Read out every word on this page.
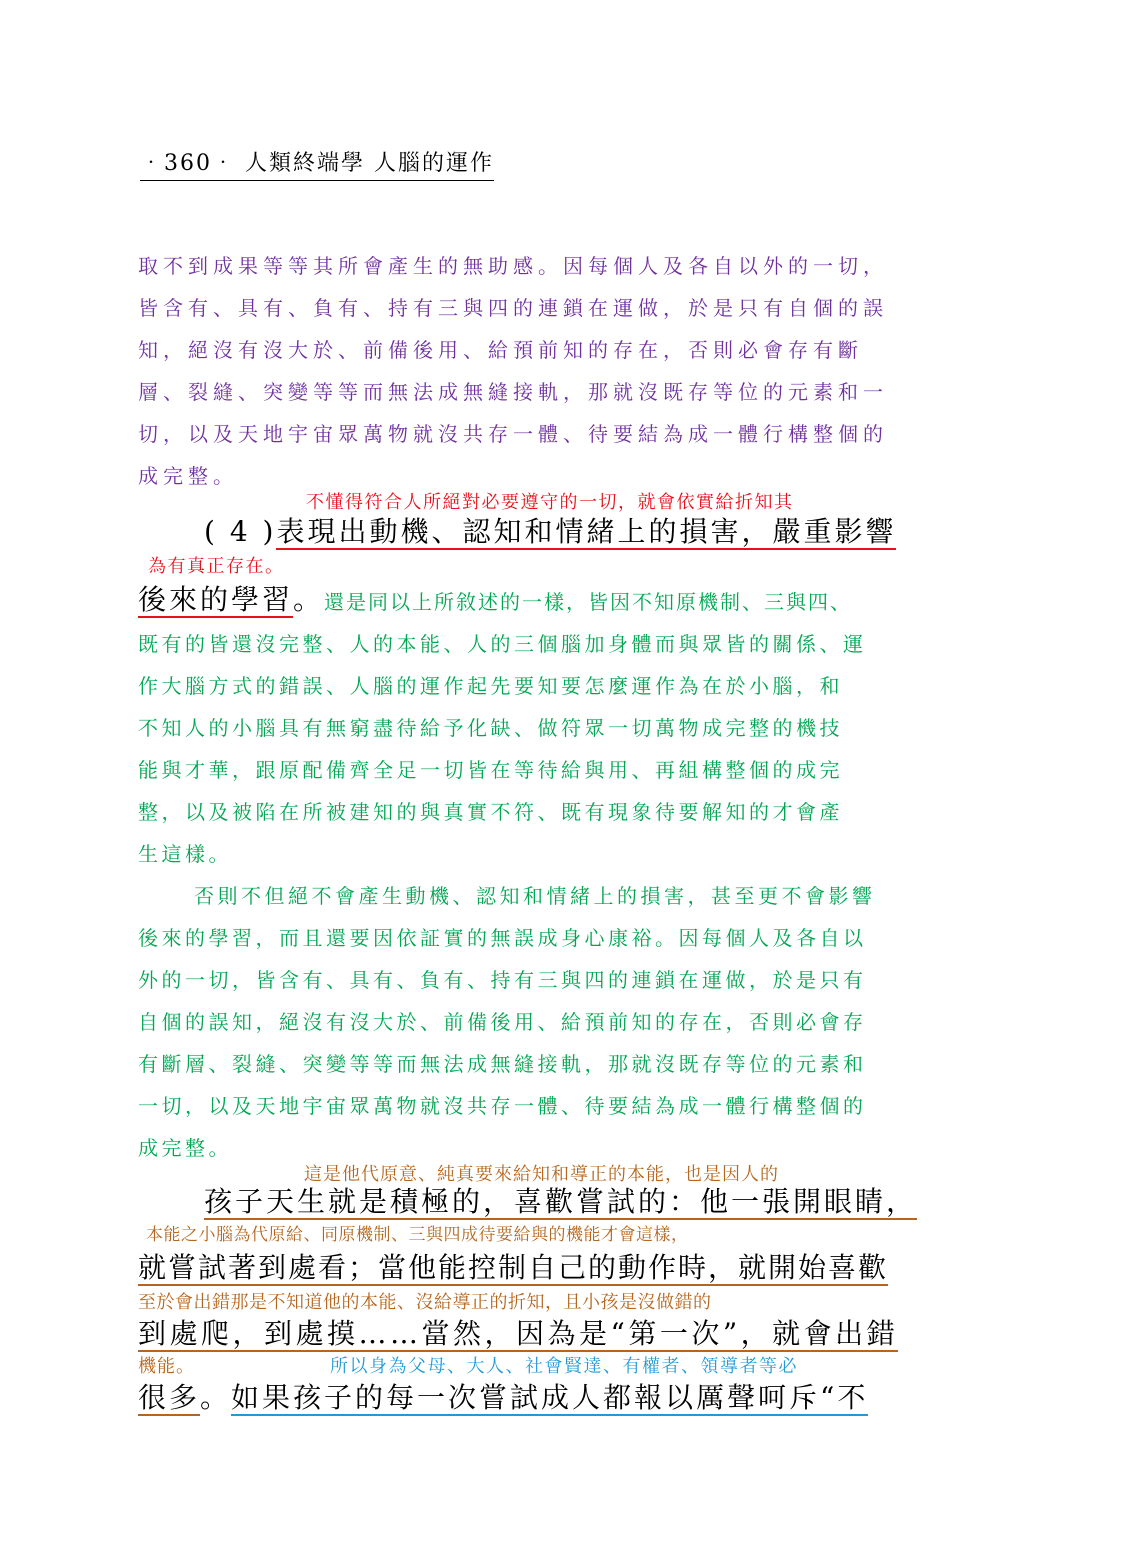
‧360‧ 人類終端學 人腦的運作
取不到成果等等其所會產生的無助感。因每個人及各自以外的一切，
皆含有、具有、負有、持有三與四的連鎖在運做，於是只有自個的誤
知，絕沒有沒大於、前備後用、給預前知的存在，否則必會存有斷
層、裂縫、突變等等而無法成無縫接軌，那就沒既存等位的元素和一
切，以及天地宇宙眾萬物就沒共存一體、待要結為成一體行構整個的
成完整。
不懂得符合人所絕對必要遵守的一切，就會依實給折知其
( 4 )表現出動機、認知和情緒上的損害，嚴重影響
為有真正存在。
後來的學習。還是同以上所敘述的一樣，皆因不知原機制、三與四、
既有的皆還沒完整、人的本能、人的三個腦加身體而與眾皆的關係、運
作大腦方式的錯誤、人腦的運作起先要知要怎麼運作為在於小腦，和
不知人的小腦具有無窮盡待給予化缺、做符眾一切萬物成完整的機技
能與才華，跟原配備齊全足一切皆在等待給與用、再組構整個的成完
整，以及被陷在所被建知的與真實不符、既有現象待要解知的才會產
生這樣。
否則不但絕不會產生動機、認知和情緒上的損害，甚至更不會影響
後來的學習，而且還要因依証實的無誤成身心康裕。因每個人及各自以
外的一切，皆含有、具有、負有、持有三與四的連鎖在運做，於是只有
自個的誤知，絕沒有沒大於、前備後用、給預前知的存在，否則必會存
有斷層、裂縫、突變等等而無法成無縫接軌，那就沒既存等位的元素和
一切，以及天地宇宙眾萬物就沒共存一體、待要結為成一體行構整個的
成完整。
這是他代原意、純真要來給知和導正的本能，也是因人的
孩子天生就是積極的，喜歡嘗試的：他一張開眼睛，
本能之小腦為代原給、同原機制、三與四成待要給與的機能才會這樣，
就嘗試著到處看；當他能控制自己的動作時，就開始喜歡
至於會出錯那是不知道他的本能、沒給導正的折知，且小孩是沒做錯的
到處爬，到處摸……當然，因為是“第一次”，就會出錯
機能。	所以身為父母、大人、社會賢達、有權者、領導者等必
很多。如果孩子的每一次嘗試成人都報以厲聲呵斥“不
